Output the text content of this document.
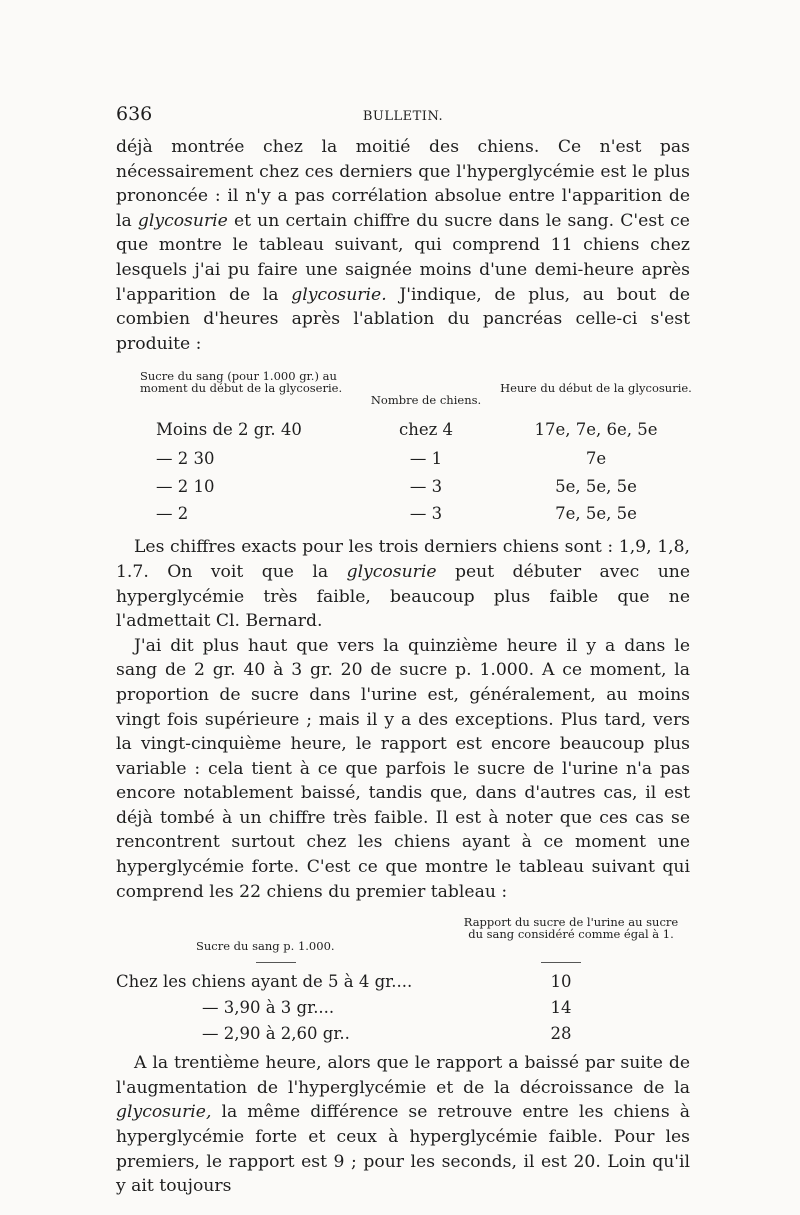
636	BULLETIN.

déjà montrée chez la moitié des chiens. Ce n'est pas nécessairement chez ces derniers que l'hyperglycémie est le plus prononcée : il n'y a pas corrélation absolue entre l'apparition de la glycosurie et un certain chiffre du sucre dans le sang. C'est ce que montre le tableau suivant, qui comprend 11 chiens chez lesquels j'ai pu faire une saignée moins d'une demi-heure après l'apparition de la glycosurie. J'indique, de plus, au bout de combien d'heures après l'ablation du pancréas celle-ci s'est produite :

Sucre du sang (pour 1.000 gr.) au moment du début de la glycoserie.
Nombre de chiens.
Heure du début de la glycosurie.
Moins de 2 gr. 40	chez 4	17e, 7e, 6e, 5e
— 2 30	— 1	7e
— 2 10	— 3	5e, 5e, 5e
— 2	— 3	7e, 5e, 5e

Les chiffres exacts pour les trois derniers chiens sont : 1,9, 1,8, 1.7. On voit que la glycosurie peut débuter avec une hyperglycémie très faible, beaucoup plus faible que ne l'admettait Cl. Bernard.

J'ai dit plus haut que vers la quinzième heure il y a dans le sang de 2 gr. 40 à 3 gr. 20 de sucre p. 1.000. A ce moment, la proportion de sucre dans l'urine est, généralement, au moins vingt fois supérieure ; mais il y a des exceptions. Plus tard, vers la vingt-cinquième heure, le rapport est encore beaucoup plus variable : cela tient à ce que parfois le sucre de l'urine n'a pas encore notablement baissé, tandis que, dans d'autres cas, il est déjà tombé à un chiffre très faible. Il est à noter que ces cas se rencontrent surtout chez les chiens ayant à ce moment une hyperglycémie forte. C'est ce que montre le tableau suivant qui comprend les 22 chiens du premier tableau :

Sucre du sang p. 1.000.
Rapport du sucre de l'urine au sucre du sang considéré comme égal à 1.
Chez les chiens ayant de 5 à 4 gr....	10
— 3,90 à 3 gr....	14
— 2,90 à 2,60 gr..	28

A la trentième heure, alors que le rapport a baissé par suite de l'augmentation de l'hyperglycémie et de la décroissance de la glycosurie, la même différence se retrouve entre les chiens à hyperglycémie forte et ceux à hyperglycémie faible. Pour les premiers, le rapport est 9 ; pour les seconds, il est 20. Loin qu'il y ait toujours
